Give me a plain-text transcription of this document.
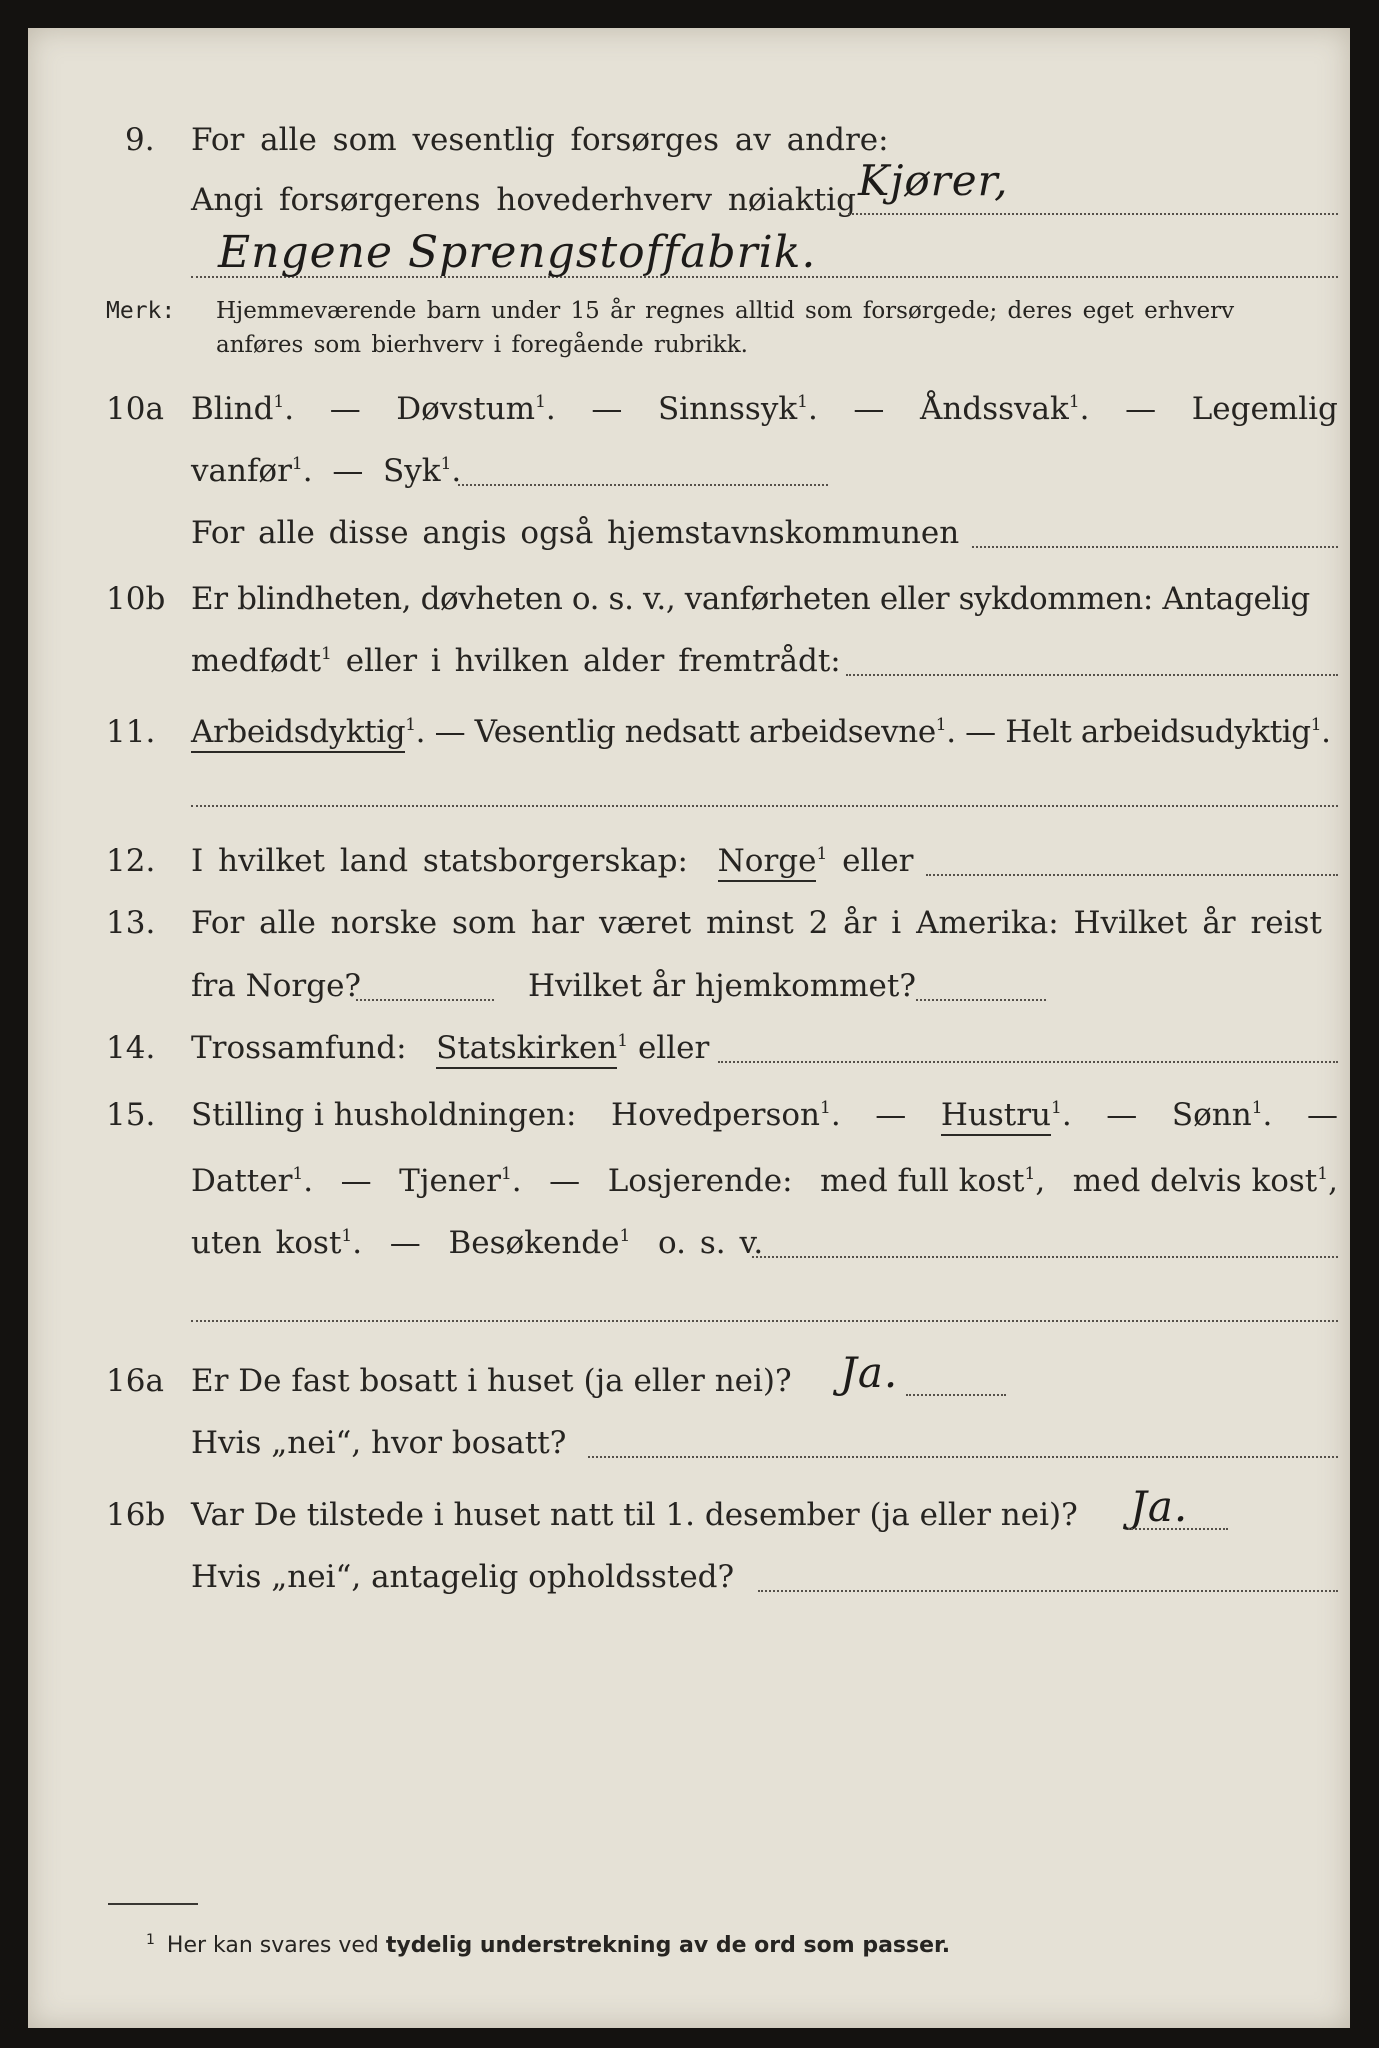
9. For alle som vesentlig forsørges av andre:
Angi forsørgerens hovederhverv nøiaktig Kjører,
Engene Sprengstoffabrik.
Merk: Hjemmeværende barn under 15 år regnes alltid som forsørgede; deres eget erhverv
anføres som bierhverv i foregående rubrikk.
10a Blind$^1$. — Døvstum$^1$. — Sinnssyk$^1$. — Åndssvak$^1$. — Legemlig
vanfør$^1$.  — Syk$^1$.
For alle disse angis også hjemstavnskommunen
10b Er blindheten, døvheten o. s. v., vanførheten eller sykdommen: Antagelig
medfødt$^1$ eller i hvilken alder fremtrådt:
11. Arbeidsdyktig$^1$. — Vesentlig nedsatt arbeidsevne$^1$. — Helt arbeidsudyktig$^1$.
12. I hvilket land statsborgerskap: Norge$^1$ eller
13. For alle norske som har været minst 2 år i Amerika: Hvilket år reist
fra Norge?	Hvilket år hjemkommet?
14. Trossamfund: Statskirken$^1$ eller
15. Stilling i husholdningen: Hovedperson$^1$. — Hustru$^1$. — Sønn$^1$. —
Datter$^1$. — Tjener$^1$. — Losjerende: med full kost$^1$, med delvis kost$^1$,
uten kost$^1$.  — Besøkende$^1$ o. s. v.
16a Er De fast bosatt i huset (ja eller nei)? Ja.
Hvis „nei“, hvor bosatt?
16b Var De tilstede i huset natt til 1. desember (ja eller nei)? Ja.
Hvis „nei“, antagelig opholdssted?
$^1$ Her kan svares ved tydelig understrekning av de ord som passer.
